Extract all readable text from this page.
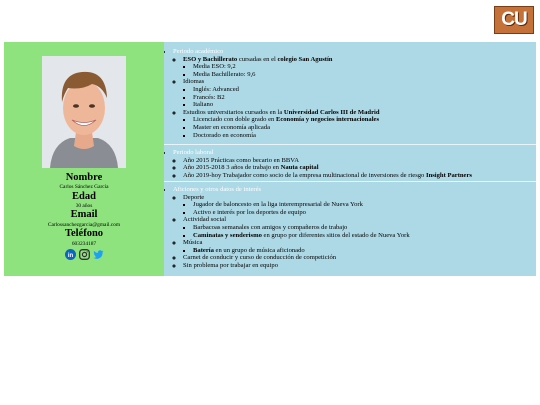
CU
Nombre
Carlos Sánchez García
Edad
30 años
Email
Carlossanchezgarcia@gmail.com
Teléfono
603234187
in
• Periodo académico
◦ ESO y Bachillerato cursadas en el colegio San Agustín
▪ Media ESO: 9,2
▪ Media Bachillerato: 9,6
◦ Idiomas
▪ Inglés: Advanced
▪ Francés: B2
▪ Italiano
◦ Estudios universitarios cursados en la Universidad Carlos III de Madrid
▪ Licenciado con doble grado en Economía y negocios internacionales
▪ Master en economía aplicada
▪ Doctorado en economía
• Periodo laboral
◦ Año 2015 Prácticas como becario en BBVA
◦ Año 2015-2018 3 años de trabajo en Nauta capital
◦ Año 2019-hoy Trabajador como socio de la empresa multinacional de inversiones de riesgo Insight Partners
• Aficiones y otros datos de interés
◦ Deporte
▪ Jugador de baloncesto en la liga interempresarial de Nueva York
▪ Activo e interés por los deportes de equipo
◦ Actividad social
▪ Barbacoas semanales con amigos y compañeros de trabajo
▪ Caminatas y senderismo en grupo por diferentes sitios del estado de Nueva York
◦ Música
▪ Batería en un grupo de música aficionado
◦ Carnet de conducir y curso de conducción de competición
◦ Sin problema por trabajar en equipo
